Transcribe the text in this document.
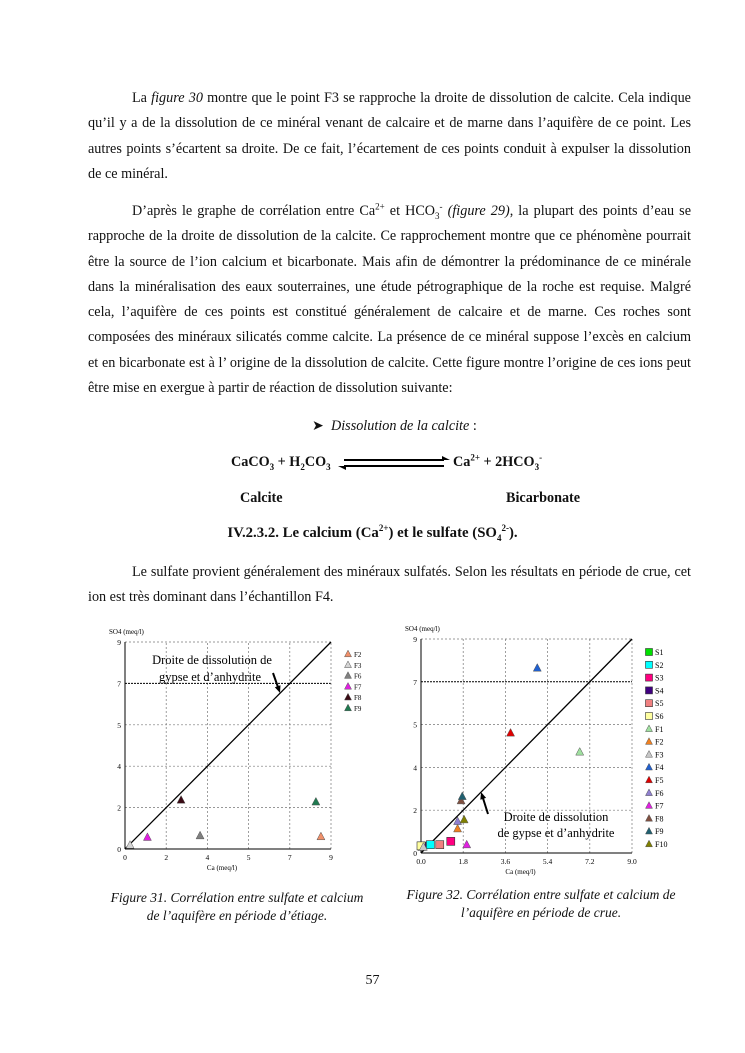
La figure 30 montre que le point F3 se rapproche la droite de dissolution de calcite. Cela indique qu’il y a de la dissolution de ce minéral venant de calcaire et de marne dans l’aquifère de ce point. Les autres points s’écartent sa droite. De ce fait, l’écartement de ces points conduit à expulser la dissolution de ce minéral.
D’après le graphe de corrélation entre $Ca^{2+}$ et $HCO_3^-$ (figure 29), la plupart des points d’eau se rapproche de la droite de dissolution de la calcite. Ce rapprochement montre que ce phénomène pourrait être la source de l’ion calcium et bicarbonate. Mais afin de démontrer la prédominance de ce minérale dans la minéralisation des eaux souterraines, une étude pétrographique de la roche est requise. Malgré cela, l’aquifère de ces points est constitué généralement de calcaire et de marne. Ces roches sont composées des minéraux silicatés comme calcite. La présence de ce minéral suppose l’excès en calcium et en bicarbonate est à l’ origine de la dissolution de calcite. Cette figure montre l’origine de ces ions peut être mise en exergue à partir de réaction de dissolution suivante:
➤ Dissolution de la calcite :
CaCO$_3$ + $H_2CO_3$	$Ca^{2+} + 2HCO_3^-$
Calcite	Bicarbonate
IV.2.3.2. Le calcium $(Ca^{2+})$ et le sulfate $(SO_4^{2-})$.
Le sulfate provient généralement des minéraux sulfatés. Selon les résultats en période de crue, cet ion est très dominant dans l’échantillon F4.
0
0
2
2
4
4
5
5
7
7
9
9
SO4 (meq/l)
Ca (meq/l)
Droite de dissolution de
gypse et d’anhydrite
F2
F3
F6
F7
F8
F9
0.0
0
1.8
2
3.6
4
5.4
5
7.2
7
9.0
9
SO4 (meq/l)
Ca (meq/l)
Droite de dissolution
de gypse et d’anhydrite
S1
S2
S3
S4
S5
S6
F1
F2
F3
F4
F5
F6
F7
F8
F9
F10
Figure 31. Corrélation entre sulfate et calcium de l’aquifère en période d’étiage.
Figure 32. Corrélation entre sulfate et calcium de l’aquifère en période de crue.
57
